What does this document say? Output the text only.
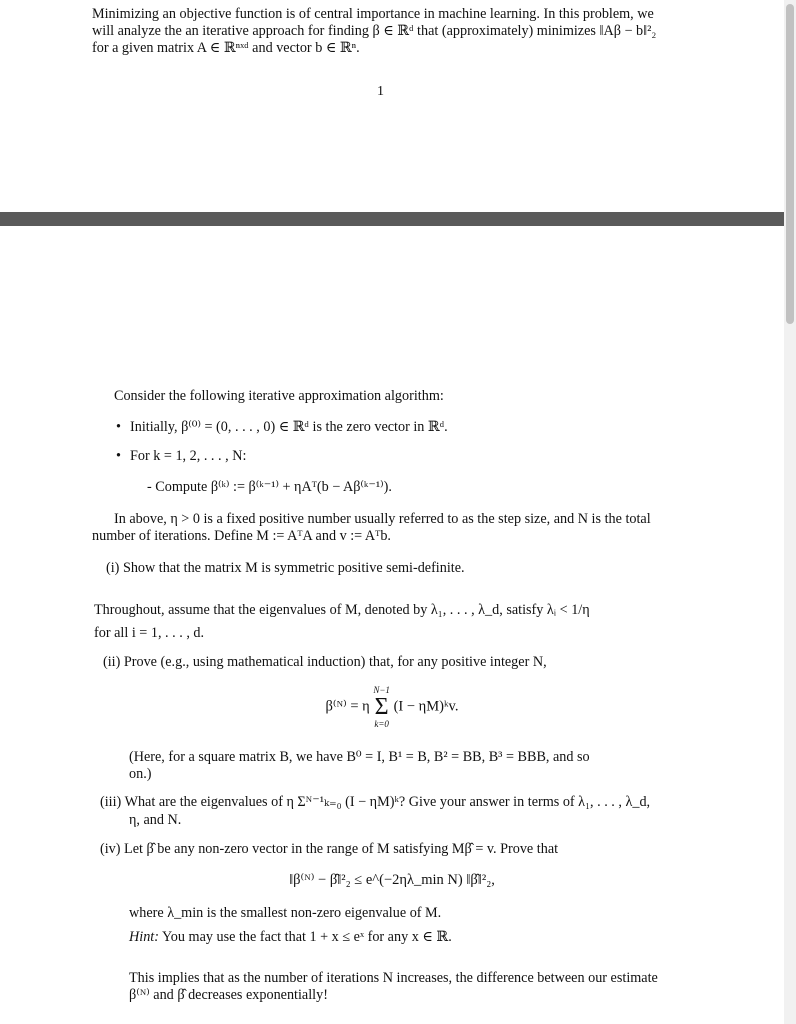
Minimizing an objective function is of central importance in machine learning. In this problem, we
will analyze the an iterative approach for finding β ∈ ℝᵈ that (approximately) minimizes ‖Aβ − b‖²₂
for a given matrix A ∈ ℝⁿˣᵈ and vector b ∈ ℝⁿ.
1
Consider the following iterative approximation algorithm:
• Initially, β⁽⁰⁾ = (0, . . . , 0) ∈ ℝᵈ is the zero vector in ℝᵈ.
• For k = 1, 2, . . . , N:
- Compute β⁽ᵏ⁾ := β⁽ᵏ⁻¹⁾ + ηAᵀ(b − Aβ⁽ᵏ⁻¹⁾).
In above, η > 0 is a fixed positive number usually referred to as the step size, and N is the total
number of iterations. Define M := AᵀA and v := Aᵀb.
(i) Show that the matrix M is symmetric positive semi-definite.
Throughout, assume that the eigenvalues of M, denoted by λ₁, . . . , λ_d, satisfy λᵢ < 1/η
for all i = 1, . . . , d.
(ii) Prove (e.g., using mathematical induction) that, for any positive integer N,
β⁽ᴺ⁾ = η
N−1
Σ
k=0
(I − ηM)ᵏv.
(Here, for a square matrix B, we have B⁰ = I, B¹ = B, B² = BB, B³ = BBB, and so
on.)
(iii) What are the eigenvalues of η Σᴺ⁻¹ₖ₌₀ (I − ηM)ᵏ? Give your answer in terms of λ₁, . . . , λ_d,
η, and N.
(iv) Let β̂ be any non-zero vector in the range of M satisfying Mβ̂ = v. Prove that
‖β⁽ᴺ⁾ − β̂‖²₂ ≤ e^(−2ηλ_min N) ‖β̂‖²₂,
where λ_min is the smallest non-zero eigenvalue of M.
Hint: You may use the fact that 1 + x ≤ eˣ for any x ∈ ℝ.
This implies that as the number of iterations N increases, the difference between our estimate
β⁽ᴺ⁾ and β̂ decreases exponentially!
